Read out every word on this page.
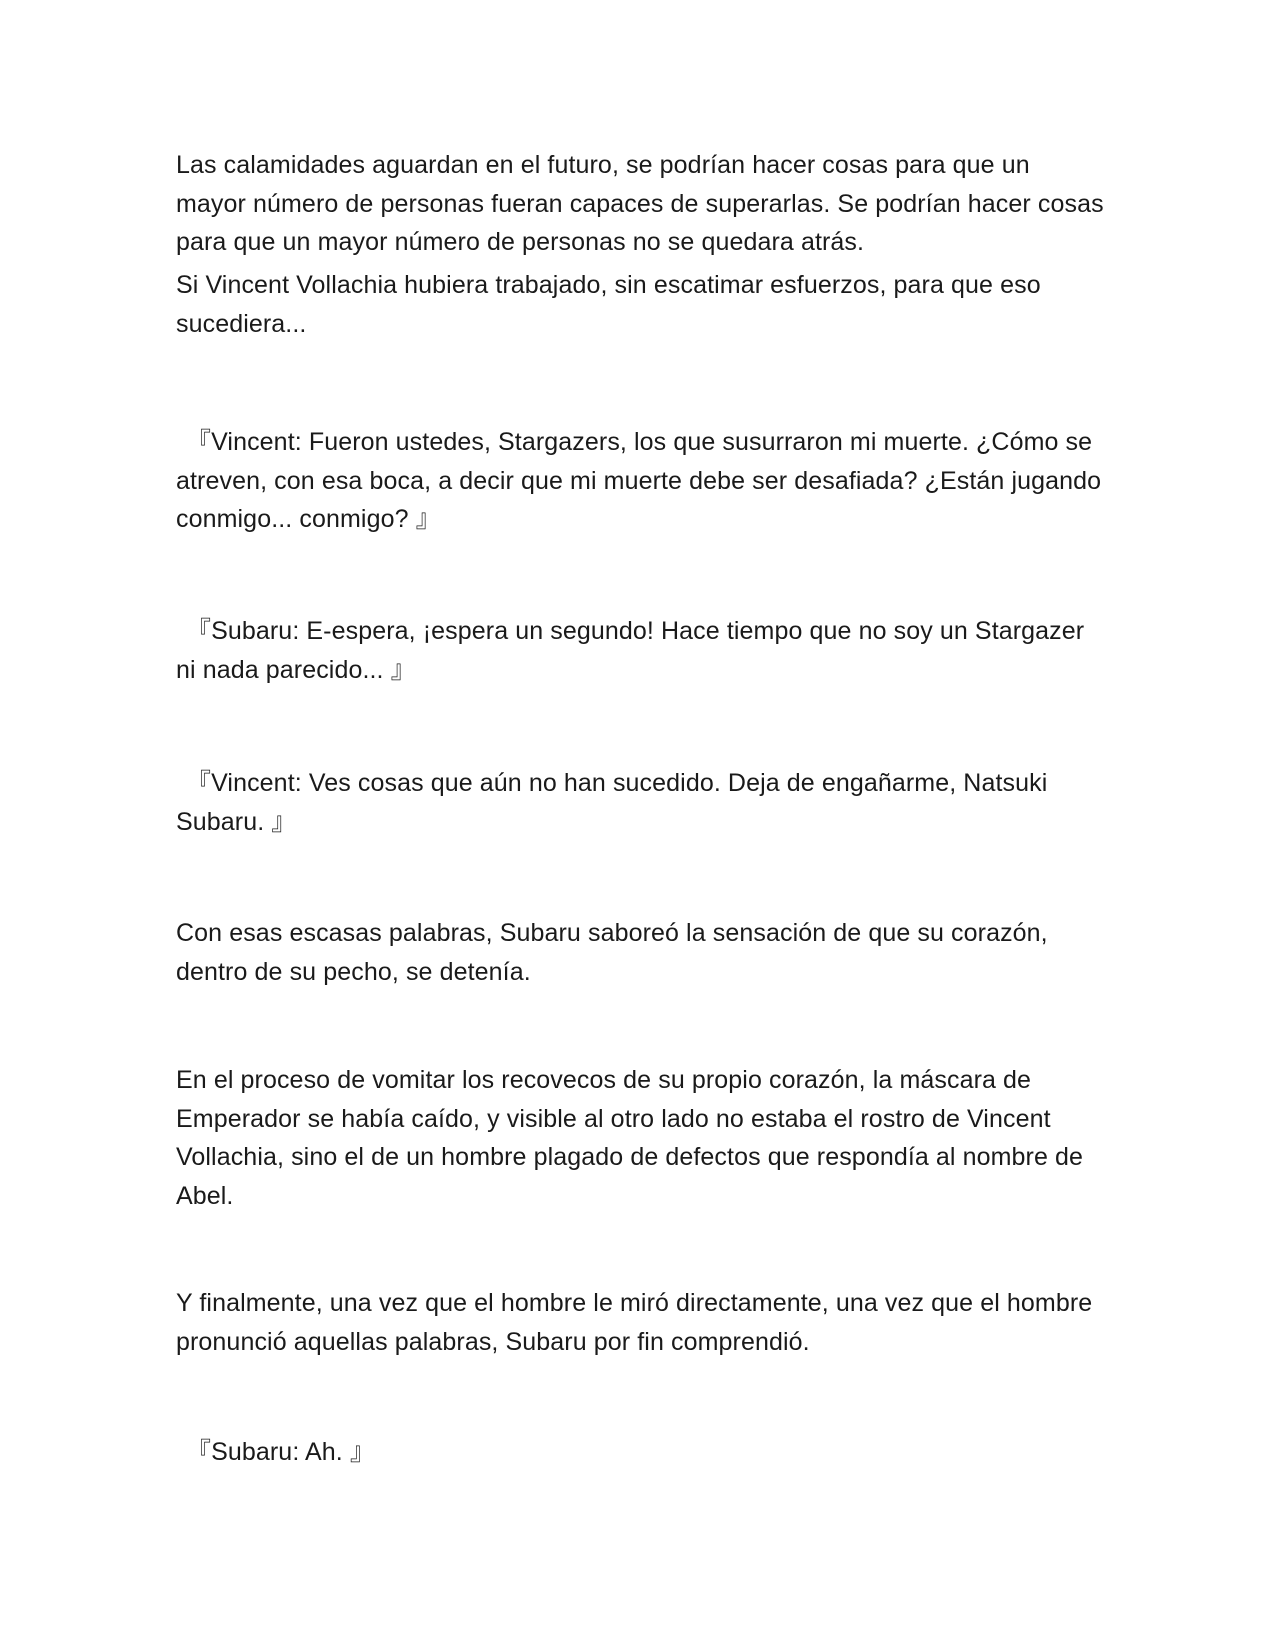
Las calamidades aguardan en el futuro, se podrían hacer cosas para que un mayor número de personas fueran capaces de superarlas. Se podrían hacer cosas para que un mayor número de personas no se quedara atrás.

Si Vincent Vollachia hubiera trabajado, sin escatimar esfuerzos, para que eso sucediera...

『Vincent: Fueron ustedes, Stargazers, los que susurraron mi muerte. ¿Cómo se atreven, con esa boca, a decir que mi muerte debe ser desafiada? ¿Están jugando conmigo... conmigo? 』

『Subaru: E-espera, ¡espera un segundo! Hace tiempo que no soy un Stargazer ni nada parecido... 』

『Vincent: Ves cosas que aún no han sucedido. Deja de engañarme, Natsuki Subaru. 』

Con esas escasas palabras, Subaru saboreó la sensación de que su corazón, dentro de su pecho, se detenía.

En el proceso de vomitar los recovecos de su propio corazón, la máscara de Emperador se había caído, y visible al otro lado no estaba el rostro de Vincent Vollachia, sino el de un hombre plagado de defectos que respondía al nombre de Abel.

Y finalmente, una vez que el hombre le miró directamente, una vez que el hombre pronunció aquellas palabras, Subaru por fin comprendió.

『Subaru: Ah. 』
